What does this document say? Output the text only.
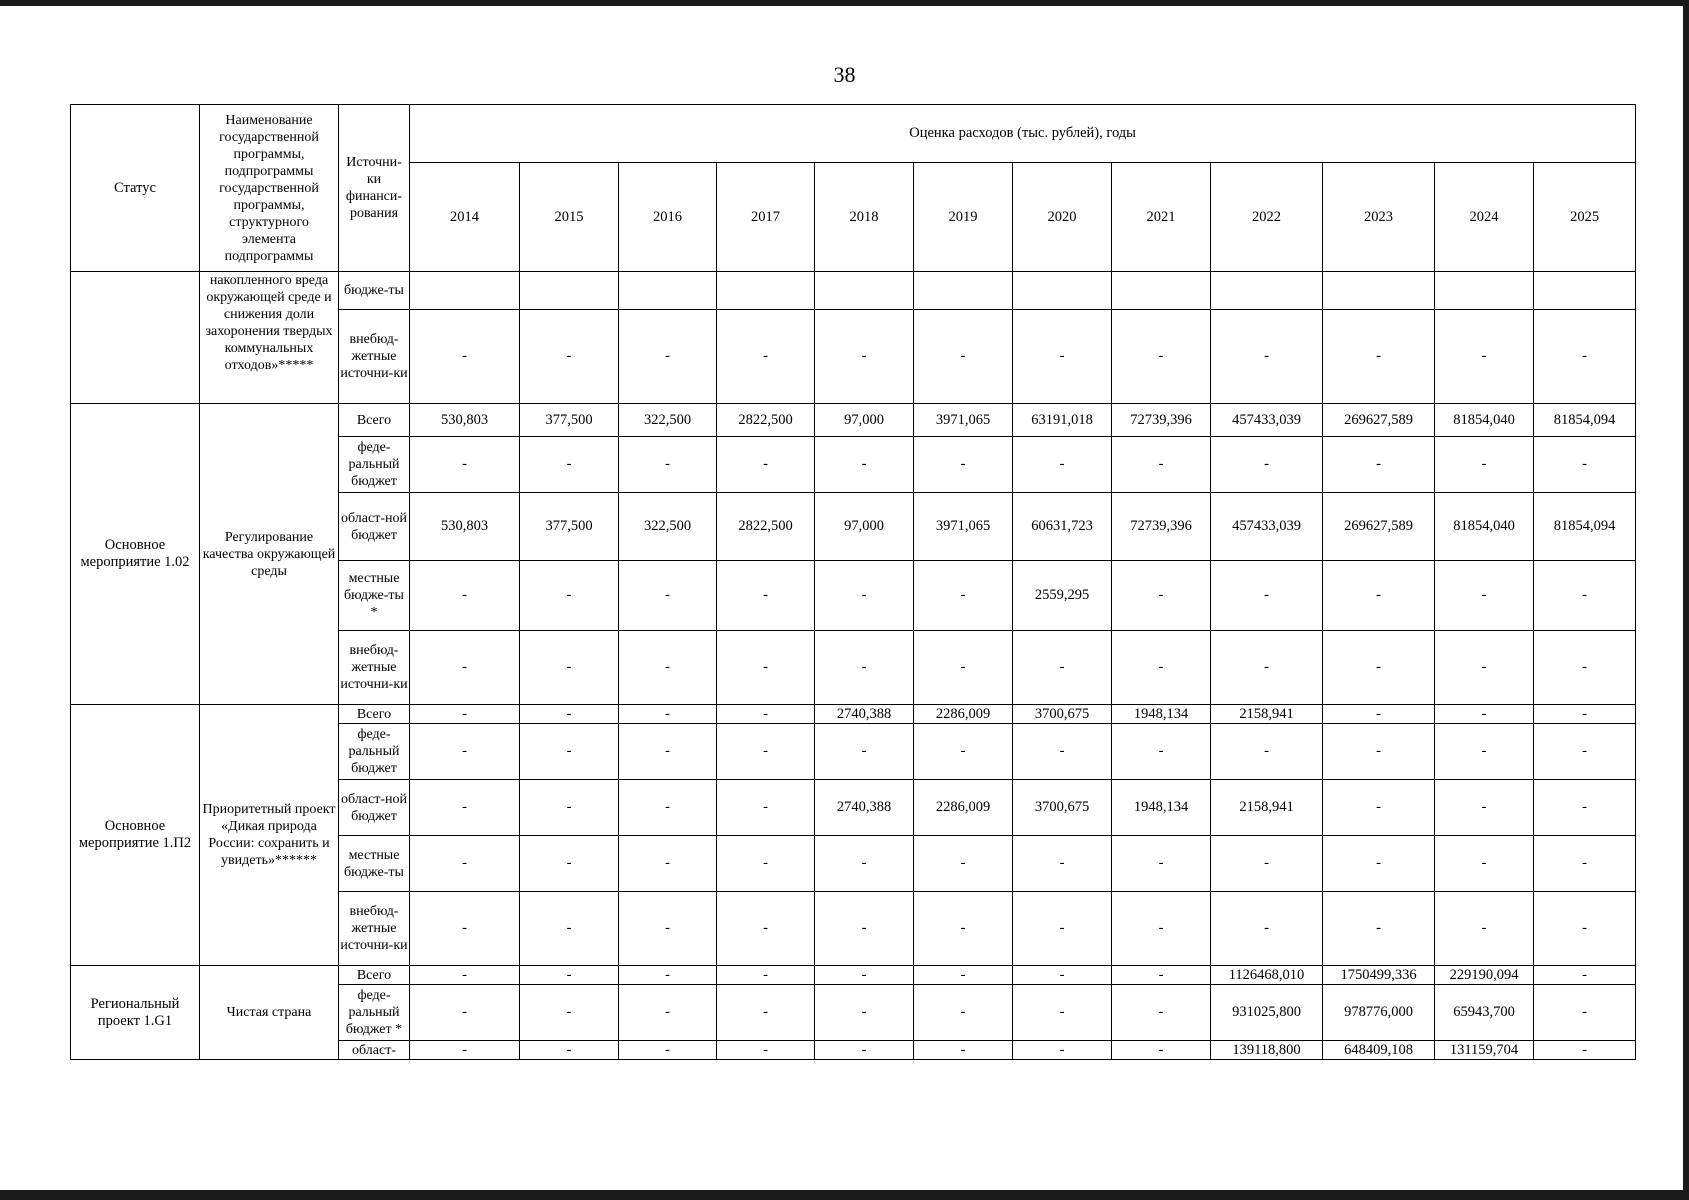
38
Статус	Наименование государственной программы, подпрограммы государственной программы, структурного элемента подпрограммы	Источни-ки финанси-рования	Оценка расходов (тыс. рублей), годы											
			2014	2015	2016	2017	2018	2019	2020	2021	2022	2023	2024	2025
	накопленного вреда окружающей среде и снижения доли захоронения твердых коммунальных отходов»*****	бюдже-ты												
		внебюд-жетные источни-ки	-	-	-	-	-	-	-	-	-	-	-	-
Основное мероприятие 1.02	Регулирование качества окружающей среды	Всего	530,803	377,500	322,500	2822,500	97,000	3971,065	63191,018	72739,396	457433,039	269627,589	81854,040	81854,094
		феде-ральный бюджет	-	-	-	-	-	-	-	-	-	-	-	-
		област-ной бюджет	530,803	377,500	322,500	2822,500	97,000	3971,065	60631,723	72739,396	457433,039	269627,589	81854,040	81854,094
		местные бюдже-ты *	-	-	-	-	-	-	2559,295	-	-	-	-	-
		внебюд-жетные источни-ки	-	-	-	-	-	-	-	-	-	-	-	-
Основное мероприятие 1.П2	Приоритетный проект «Дикая природа России: сохранить и увидеть»******	Всего	-	-	-	-	2740,388	2286,009	3700,675	1948,134	2158,941	-	-	-
		феде-ральный бюджет	-	-	-	-	-	-	-	-	-	-	-	-
		област-ной бюджет	-	-	-	-	2740,388	2286,009	3700,675	1948,134	2158,941	-	-	-
		местные бюдже-ты	-	-	-	-	-	-	-	-	-	-	-	-
		внебюд-жетные источни-ки	-	-	-	-	-	-	-	-	-	-	-	-
Региональный проект 1.G1	Чистая страна	Всего	-	-	-	-	-	-	-	-	1126468,010	1750499,336	229190,094	-
		феде-ральный бюджет *	-	-	-	-	-	-	-	-	931025,800	978776,000	65943,700	-
		област-	-	-	-	-	-	-	-	-	139118,800	648409,108	131159,704	-
